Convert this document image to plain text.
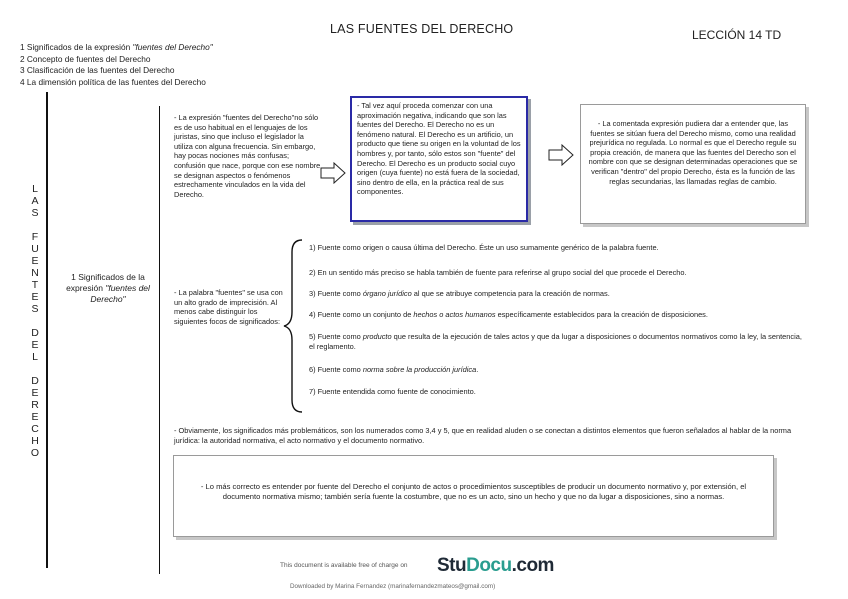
LAS FUENTES DEL DERECHO	LECCIÓN 14 TD
1 Significados de la expresión "fuentes del Derecho"
2 Concepto de fuentes del Derecho
3 Clasificación de las fuentes del Derecho
4 La dimensión política de las fuentes del Derecho
L
A
S
F
U
E
N
T
E
S
D
E
L
D
E
R
E
C
H
O
1 Significados de la expresión "fuentes del Derecho"
- La expresión "fuentes del Derecho"no sólo es de uso habitual en el lenguajes de los juristas, sino que incluso el legislador la utiliza con alguna frecuencia. Sin embargo, hay pocas nociones más confusas; confusión que nace, porque con ese nombre se designan aspectos o fenómenos estrechamente vinculados en la vida del Derecho.
- Tal vez aquí proceda comenzar con una aproximación negativa, indicando que son las fuentes del Derecho. El Derecho no es un fenómeno natural. El Derecho es un artificio, un producto que tiene su origen en la voluntad de los hombres y, por tanto, sólo estos son "fuente" del Derecho. El Derecho es un producto social cuyo origen (cuya fuente) no está fuera de la sociedad, sino dentro de ella, en la práctica real de sus componentes.
- La comentada expresión pudiera dar a entender que, las fuentes se sitúan fuera del Derecho mismo, como una realidad prejurídica no regulada. Lo normal es que el Derecho regule su propia creación, de manera que las fuentes del Derecho son el nombre con que se designan determinadas operaciones que se verifican "dentro" del propio Derecho, ésta es la función de las reglas secundarias, las llamadas reglas de cambio.
- La palabra "fuentes" se usa con un alto grado de imprecisión. Al menos cabe distinguir los siguientes focos de significados:
1) Fuente como origen o causa última del Derecho. Éste un uso sumamente genérico de la palabra fuente.
2) En un sentido más preciso se habla también de fuente para referirse al grupo social del que procede el Derecho.
3) Fuente como órgano jurídico al que se atribuye competencia para la creación de normas.
4) Fuente como un conjunto de hechos o actos humanos específicamente establecidos para la creación de disposiciones.
5) Fuente como producto que resulta de la ejecución de tales actos y que da lugar a disposiciones o documentos normativos como la ley, la sentencia, el reglamento.
6) Fuente como norma sobre la producción jurídica.
7) Fuente entendida como fuente de conocimiento.
- Obviamente, los significados más problemáticos, son los numerados como 3,4 y 5, que en realidad aluden o se conectan a distintos elementos que fueron señalados al hablar de la norma jurídica: la autoridad normativa, el acto normativo y el documento normativo.
- Lo más correcto es entender por fuente del Derecho el conjunto de actos o procedimientos susceptibles de producir un documento normativo y, por extensión, el documento normativa mismo; también sería fuente la costumbre, que no es un acto, sino un hecho y que no da lugar a disposiciones, sino a normas.
This document is available free of charge on StuDocu.com
Downloaded by Marina Fernandez (marinafernandezmateos@gmail.com)
